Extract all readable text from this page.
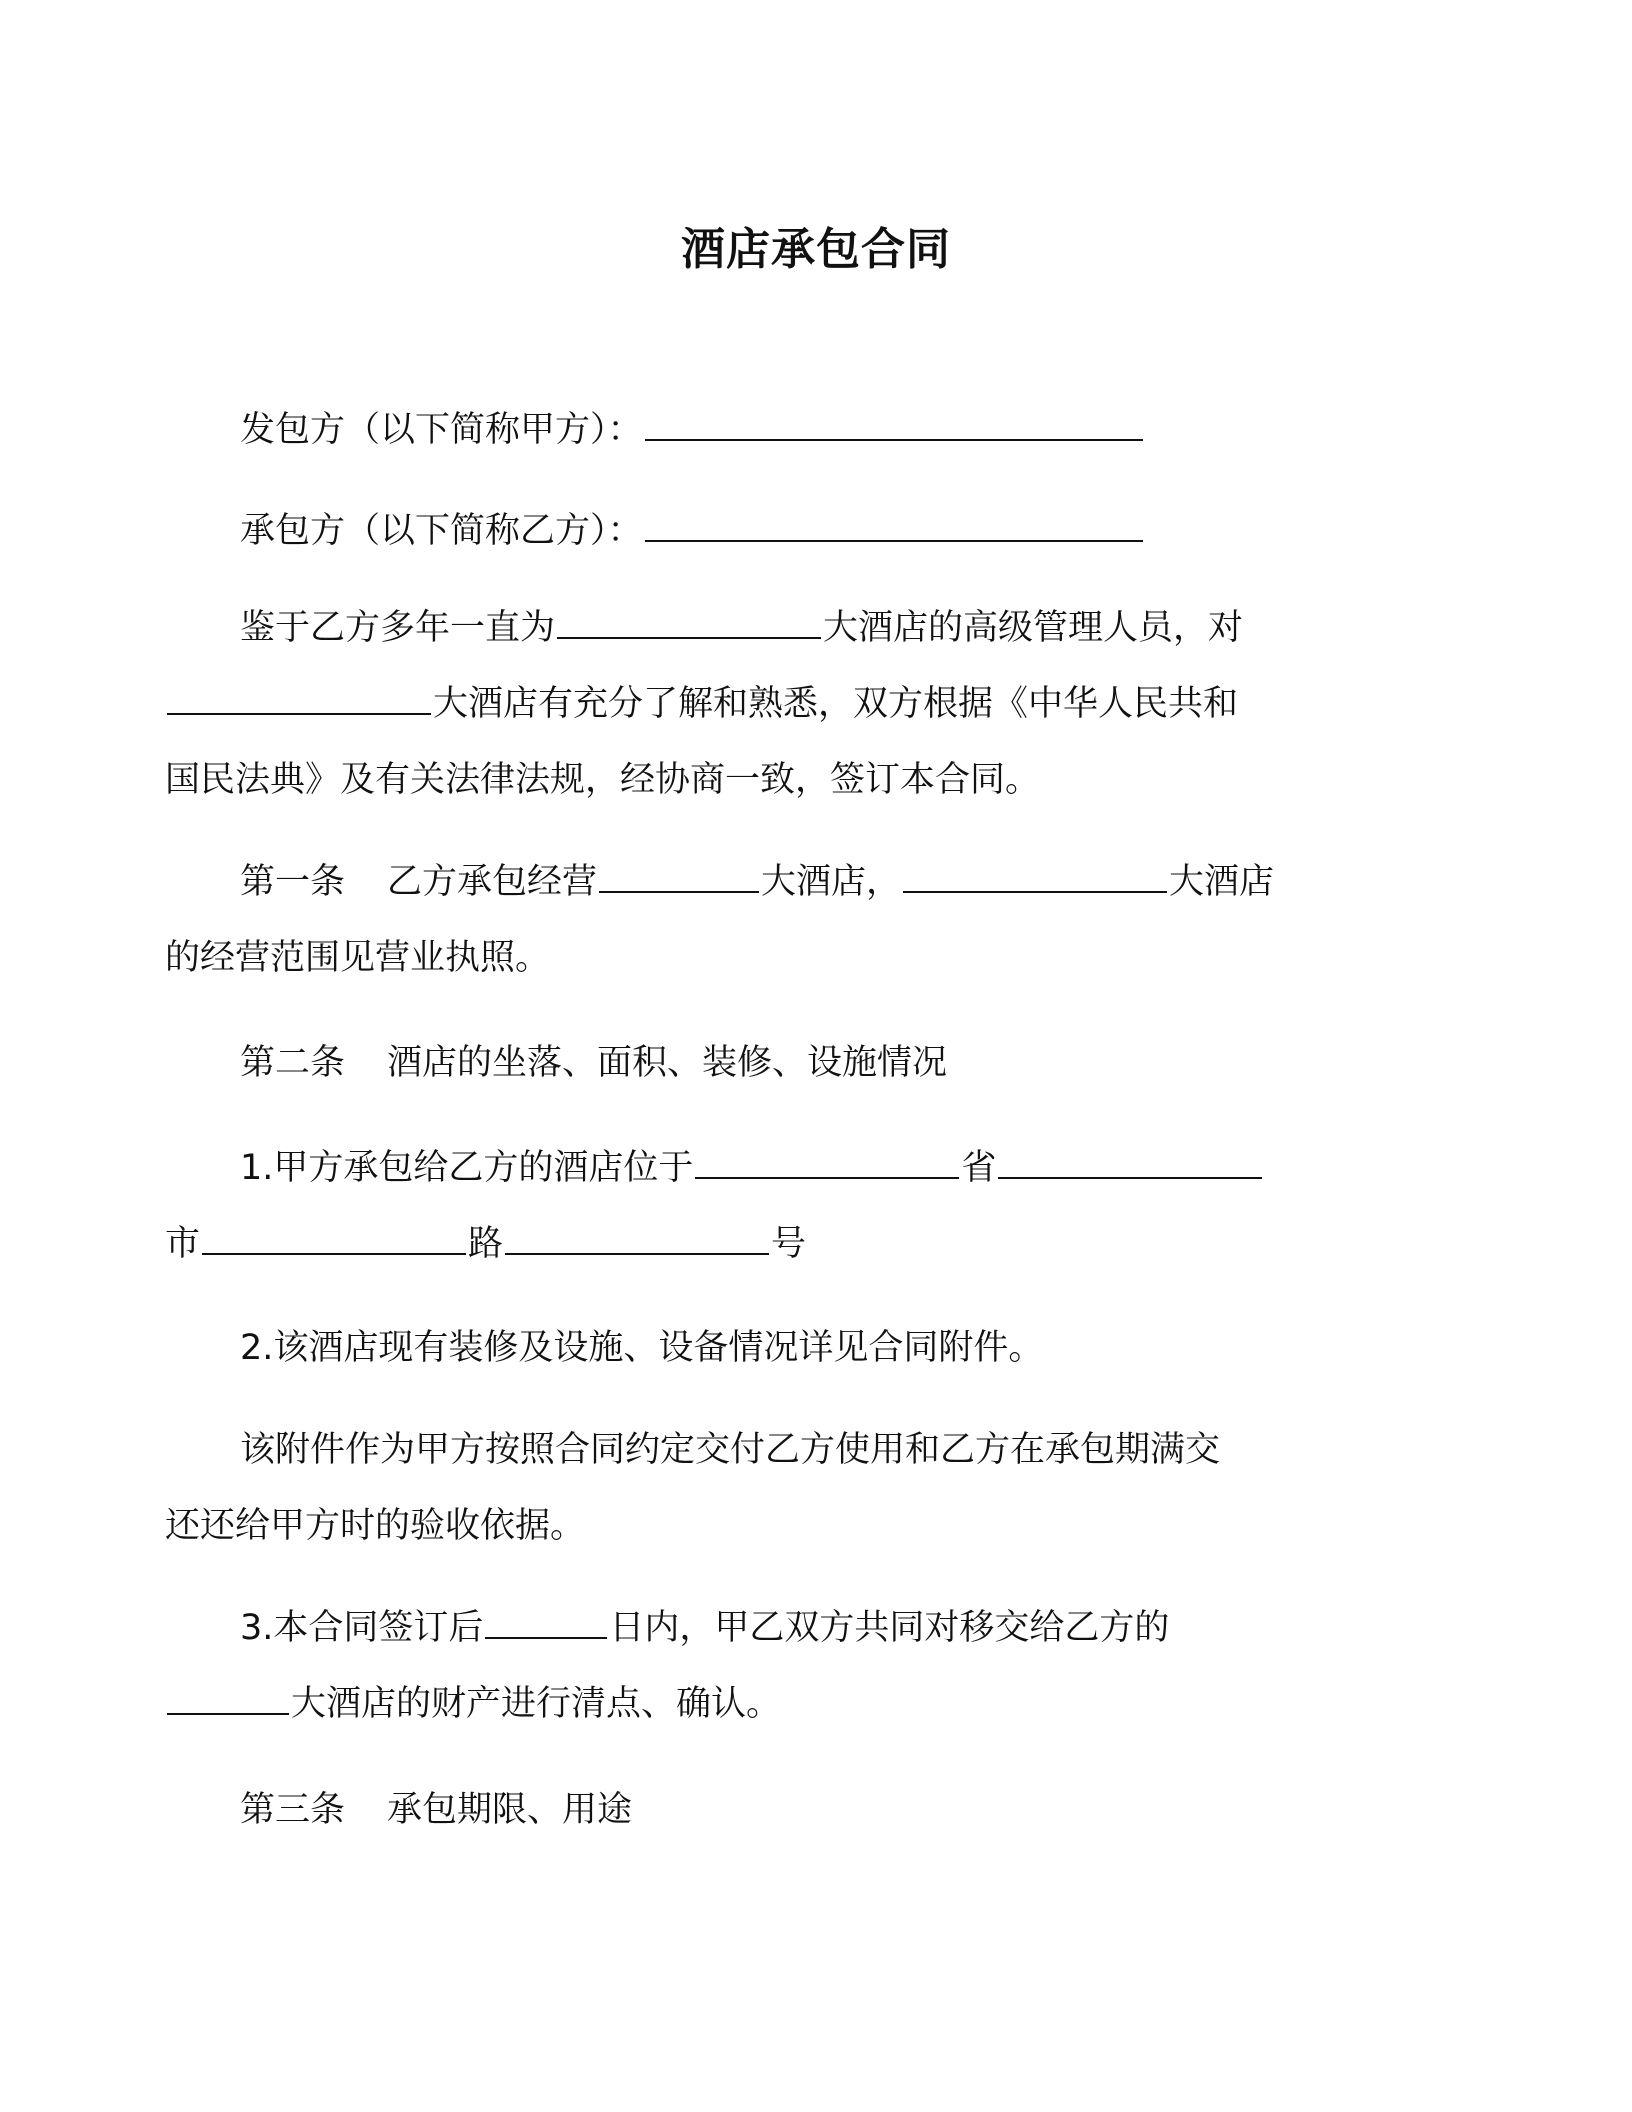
酒店承包合同
发包方（以下简称甲方）：
承包方（以下简称乙方）：
鉴于乙方多年一直为	大酒店的高级管理人员，对
大酒店有充分了解和熟悉，双方根据《中华人民共和
国民法典》及有关法律法规，经协商一致，签订本合同。
第一条 乙方承包经营	大酒店，	大酒店
的经营范围见营业执照。
第二条 酒店的坐落、面积、装修、设施情况
1.甲方承包给乙方的酒店位于	省
市	路	号
2.该酒店现有装修及设施、设备情况详见合同附件。
该附件作为甲方按照合同约定交付乙方使用和乙方在承包期满交
还还给甲方时的验收依据。
3.本合同签订后	日内，甲乙双方共同对移交给乙方的
大酒店的财产进行清点、确认。
第三条 承包期限、用途
